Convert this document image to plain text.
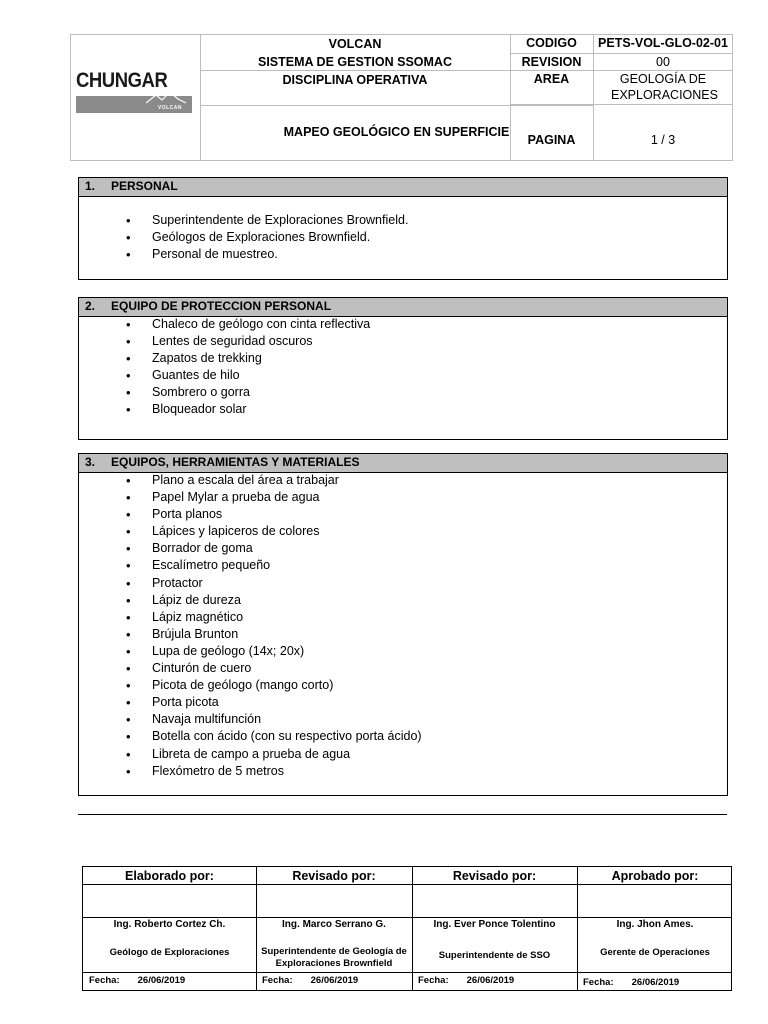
CHUNGAR
VOLCAN
VOLCAN
SISTEMA DE GESTION SSOMAC
DISCIPLINA OPERATIVA
MAPEO GEOLÓGICO EN SUPERFICIE
CODIGO
REVISION
AREA
PAGINA
PETS-VOL-GLO-02-01
00
GEOLOGÍA DE EXPLORACIONES
1 / 3
1. PERSONAL
• Superintendente de Exploraciones Brownfield.
• Geólogos de Exploraciones Brownfield.
• Personal de muestreo.
2. EQUIPO DE PROTECCION PERSONAL
• Chaleco de geólogo con cinta reflectiva
• Lentes de seguridad oscuros
• Zapatos de trekking
• Guantes de hilo
• Sombrero o gorra
• Bloqueador solar
3. EQUIPOS, HERRAMIENTAS Y MATERIALES
• Plano a escala del área a trabajar
• Papel Mylar a prueba de agua
• Porta planos
• Lápices y lapiceros de colores
• Borrador de goma
• Escalímetro pequeño
• Protactor
• Lápiz de dureza
• Lápiz magnético
• Brújula Brunton
• Lupa de geólogo (14x; 20x)
• Cinturón de cuero
• Picota de geólogo (mango corto)
• Porta picota
• Navaja multifunción
• Botella con ácido (con su respectivo porta ácido)
• Libreta de campo a prueba de agua
• Flexómetro de 5 metros
Elaborado por:
Ing. Roberto Cortez Ch.
Geólogo de Exploraciones
Fecha: 26/06/2019
Revisado por:
Ing. Marco Serrano G.
Superintendente de Geología de Exploraciones Brownfield
Fecha: 26/06/2019
Revisado por:
Ing. Ever Ponce Tolentino
Superintendente de SSO
Fecha: 26/06/2019
Aprobado por:
Ing. Jhon Ames.
Gerente de Operaciones
Fecha: 26/06/2019
